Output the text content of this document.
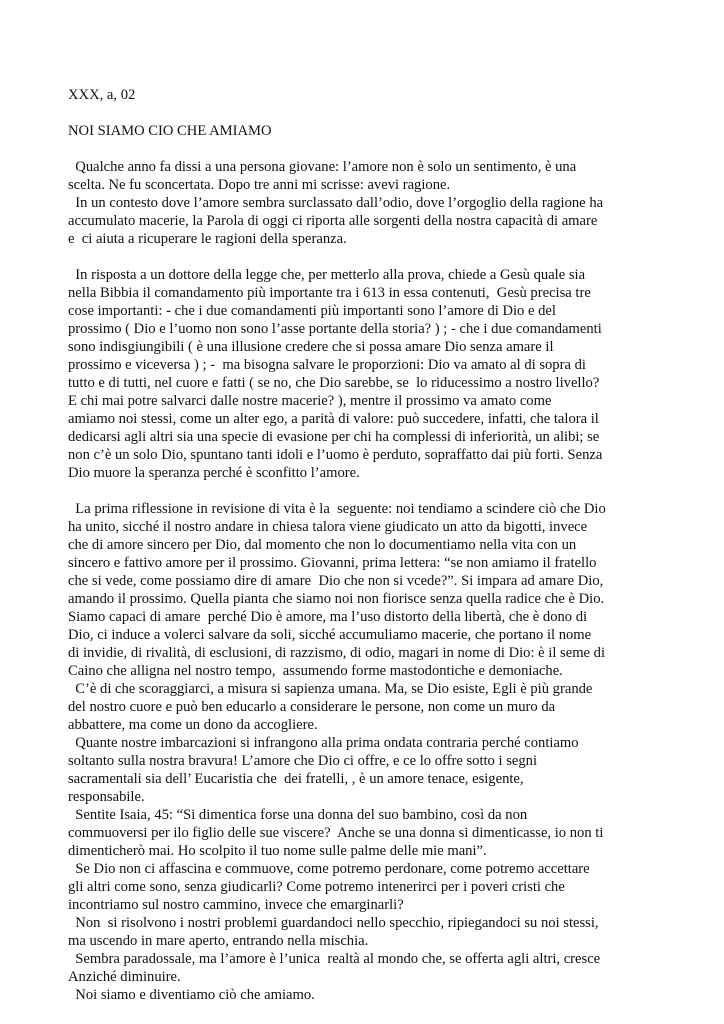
XXX, a, 02
NOI SIAMO CIO CHE AMIAMO
Qualche anno fa dissi a una persona giovane: l’amore non è solo un sentimento, è una
scelta. Ne fu sconcertata. Dopo tre anni mi scrisse: avevi ragione.
In un contesto dove l’amore sembra surclassato dall’odio, dove l’orgoglio della ragione ha
accumulato macerie, la Parola di oggi ci riporta alle sorgenti della nostra capacità di amare
e  ci aiuta a ricuperare le ragioni della speranza.
In risposta a un dottore della legge che, per metterlo alla prova, chiede a Gesù quale sia
nella Bibbia il comandamento più importante tra i 613 in essa contenuti,  Gesù precisa tre
cose importanti: - che i due comandamenti più importanti sono l’amore di Dio e del
prossimo ( Dio e l’uomo non sono l’asse portante della storia? ) ; - che i due comandamenti
sono indisgiungibili ( è una illusione credere che si possa amare Dio senza amare il
prossimo e viceversa ) ; -  ma bisogna salvare le proporzioni: Dio va amato al di sopra di
tutto e di tutti, nel cuore e fatti ( se no, che Dio sarebbe, se  lo riducessimo a nostro livello?
E chi mai potre salvarci dalle nostre macerie? ), mentre il prossimo va amato come
amiamo noi stessi, come un alter ego, a parità di valore: può succedere, infatti, che talora il
dedicarsi agli altri sia una specie di evasione per chi ha complessi di inferiorità, un alibi; se
non c’è un solo Dio, spuntano tanti idoli e l’uomo è perduto, sopraffatto dai più forti. Senza
Dio muore la speranza perché è sconfitto l’amore.
La prima riflessione in revisione di vita è la  seguente: noi tendiamo a scindere ciò che Dio
ha unito, sicché il nostro andare in chiesa talora viene giudicato un atto da bigotti, invece
che di amore sincero per Dio, dal momento che non lo documentiamo nella vita con un
sincero e fattivo amore per il prossimo. Giovanni, prima lettera: “se non amiamo il fratello
che si vede, come possiamo dire di amare  Dio che non si vcede?”. Si impara ad amare Dio,
amando il prossimo. Quella pianta che siamo noi non fiorisce senza quella radice che è Dio.
Siamo capaci di amare  perché Dio è amore, ma l’uso distorto della libertà, che è dono di
Dio, ci induce a volerci salvare da soli, sicché accumuliamo macerie, che portano il nome
di invidie, di rivalità, di esclusioni, di razzismo, di odio, magari in nome di Dio: è il seme di
Caino che alligna nel nostro tempo,  assumendo forme mastodontiche e demoniache.
C’è di che scoraggiarci, a misura si sapienza umana. Ma, se Dio esiste, Egli è più grande
del nostro cuore e può ben educarlo a considerare le persone, non come un muro da
abbattere, ma come un dono da accogliere.
Quante nostre imbarcazioni si infrangono alla prima ondata contraria perché contiamo
soltanto sulla nostra bravura! L’amore che Dio ci offre, e ce lo offre sotto i segni
sacramentali sia dell’ Eucaristia che  dei fratelli, , è un amore tenace, esigente,
responsabile.
Sentite Isaia, 45: “Si dimentica forse una donna del suo bambino, così da non
commuoversi per ilo figlio delle sue viscere?  Anche se una donna si dimenticasse, io non ti
dimenticherò mai. Ho scolpito il tuo nome sulle palme delle mie mani”.
Se Dio non ci affascina e commuove, come potremo perdonare, come potremo accettare
gli altri come sono, senza giudicarli? Come potremo intenerirci per i poveri cristi che
incontriamo sul nostro cammino, invece che emarginarli?
Non  si risolvono i nostri problemi guardandoci nello specchio, ripiegandoci su noi stessi,
ma uscendo in mare aperto, entrando nella mischia.
Sembra paradossale, ma l’amore è l’unica  realtà al mondo che, se offerta agli altri, cresce
Anziché diminuire.
Noi siamo e diventiamo ciò che amiamo.
